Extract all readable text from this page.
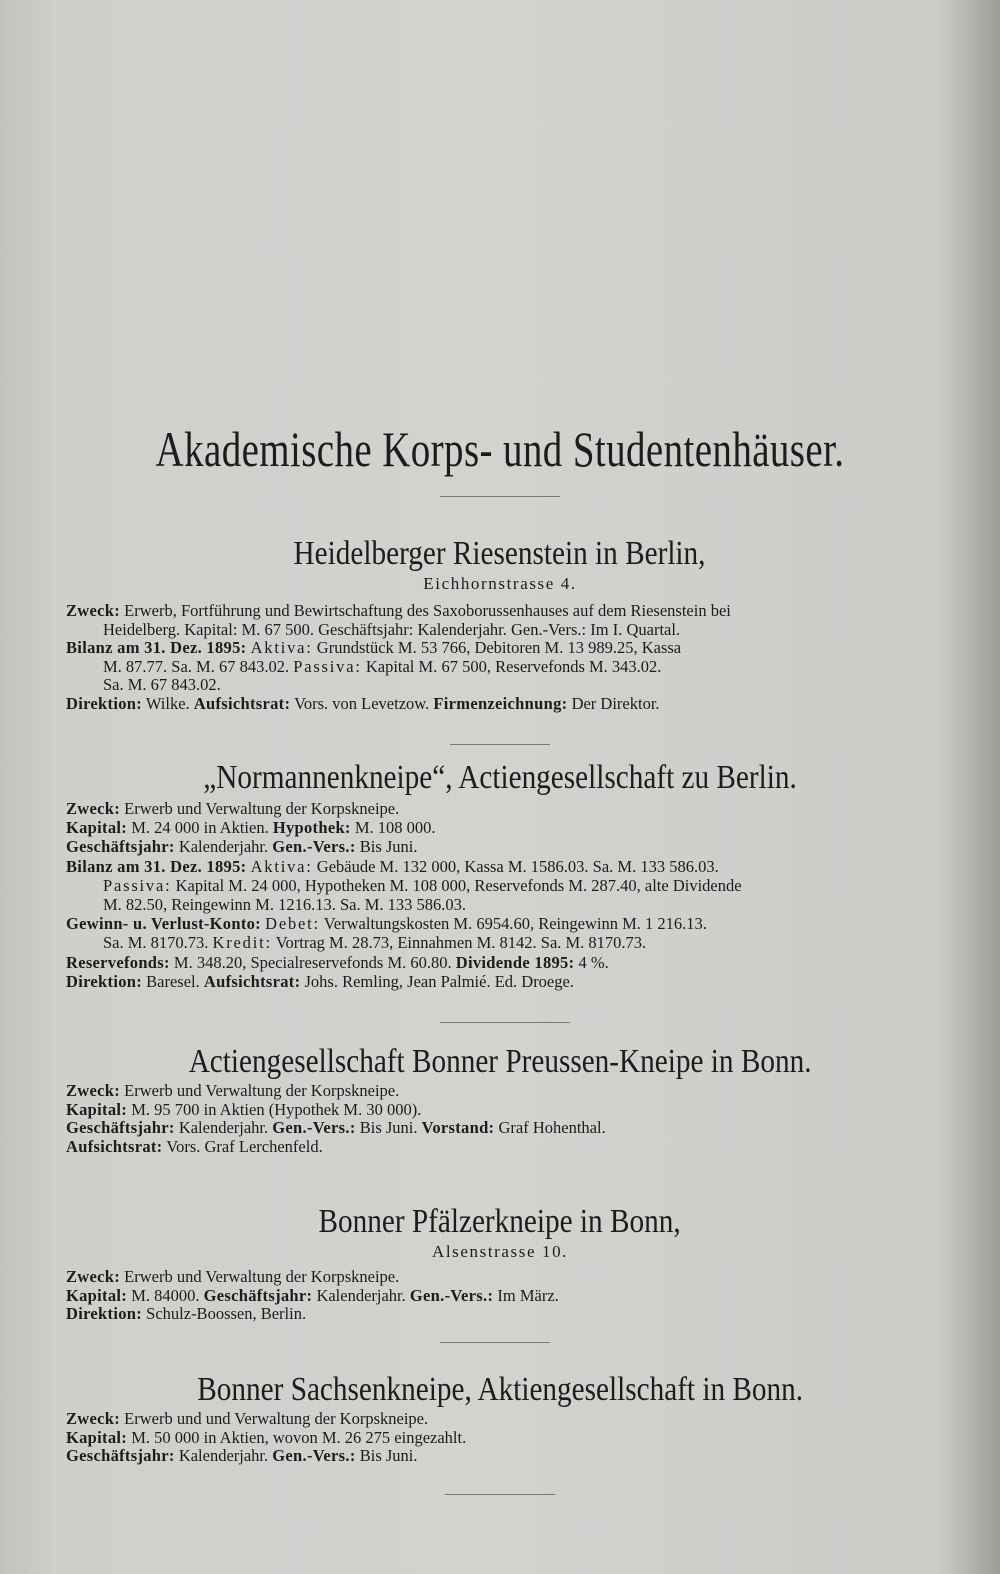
Akademische Korps- und Studentenhäuser.
Heidelberger Riesenstein in Berlin,
Eichhornstrasse 4.
Zweck: Erwerb, Fortführung und Bewirtschaftung des Saxoborussenhauses auf dem Riesenstein bei
Heidelberg. Kapital: M. 67 500. Geschäftsjahr: Kalenderjahr. Gen.-Vers.: Im I. Quartal.
Bilanz am 31. Dez. 1895: Aktiva: Grundstück M. 53 766, Debitoren M. 13 989.25, Kassa
M. 87.77. Sa. M. 67 843.02. Passiva: Kapital M. 67 500, Reservefonds M. 343.02.
Sa. M. 67 843.02.
Direktion: Wilke. Aufsichtsrat: Vors. von Levetzow. Firmenzeichnung: Der Direktor.
„Normannenkneipe“, Actiengesellschaft zu Berlin.
Zweck: Erwerb und Verwaltung der Korpskneipe.
Kapital: M. 24 000 in Aktien. Hypothek: M. 108 000.
Geschäftsjahr: Kalenderjahr. Gen.-Vers.: Bis Juni.
Bilanz am 31. Dez. 1895: Aktiva: Gebäude M. 132 000, Kassa M. 1586.03. Sa. M. 133 586.03.
Passiva: Kapital M. 24 000, Hypotheken M. 108 000, Reservefonds M. 287.40, alte Dividende
M. 82.50, Reingewinn M. 1216.13. Sa. M. 133 586.03.
Gewinn- u. Verlust-Konto: Debet: Verwaltungskosten M. 6954.60, Reingewinn M. 1 216.13.
Sa. M. 8170.73. Kredit: Vortrag M. 28.73, Einnahmen M. 8142. Sa. M. 8170.73.
Reservefonds: M. 348.20, Specialreservefonds M. 60.80. Dividende 1895: 4 %.
Direktion: Baresel. Aufsichtsrat: Johs. Remling, Jean Palmié. Ed. Droege.
Actiengesellschaft Bonner Preussen-Kneipe in Bonn.
Zweck: Erwerb und Verwaltung der Korpskneipe.
Kapital: M. 95 700 in Aktien (Hypothek M. 30 000).
Geschäftsjahr: Kalenderjahr. Gen.-Vers.: Bis Juni. Vorstand: Graf Hohenthal.
Aufsichtsrat: Vors. Graf Lerchenfeld.
Bonner Pfälzerkneipe in Bonn,
Alsenstrasse 10.
Zweck: Erwerb und Verwaltung der Korpskneipe.
Kapital: M. 84000. Geschäftsjahr: Kalenderjahr. Gen.-Vers.: Im März.
Direktion: Schulz-Boossen, Berlin.
Bonner Sachsenkneipe, Aktiengesellschaft in Bonn.
Zweck: Erwerb und und Verwaltung der Korpskneipe.
Kapital: M. 50 000 in Aktien, wovon M. 26 275 eingezahlt.
Geschäftsjahr: Kalenderjahr. Gen.-Vers.: Bis Juni.
